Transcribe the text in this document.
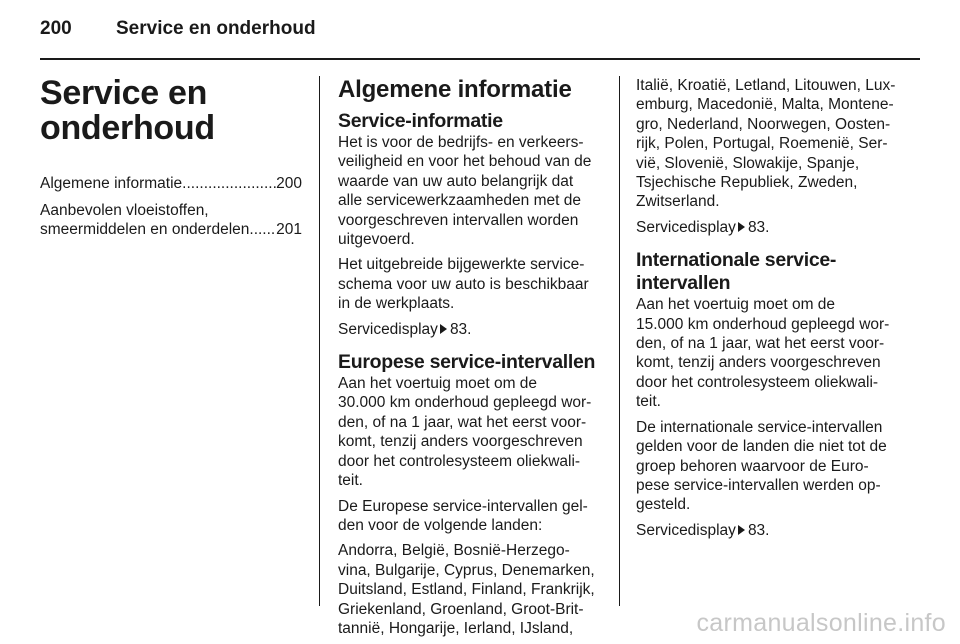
200 Service en onderhoud
Service en
onderhoud
Algemene informatie .....	200
Aanbevolen vloeistoffen,
smeermiddelen en onderdelen ..... 201
Algemene informatie
Service-informatie

Het is voor de bedrijfs- en verkeers-
veiligheid en voor het behoud van de
waarde van uw auto belangrijk dat
alle servicewerkzaamheden met de
voorgeschreven intervallen worden
uitgevoerd.

Het uitgebreide bijgewerkte service-
schema voor uw auto is beschikbaar
in de werkplaats.

Servicedisplay 83.

Europese service-intervallen

Aan het voertuig moet om de
30.000 km onderhoud gepleegd wor-
den, of na 1 jaar, wat het eerst voor-
komt, tenzij anders voorgeschreven
door het controlesysteem oliekwali-
teit.

De Europese service-intervallen gel-
den voor de volgende landen:

Andorra, België, Bosnië-Herzego-
vina, Bulgarije, Cyprus, Denemarken,
Duitsland, Estland, Finland, Frankrijk,
Griekenland, Groenland, Groot-Brit-
tannië, Hongarije, Ierland, IJsland,

Italië, Kroatië, Letland, Litouwen, Lux-
emburg, Macedonië, Malta, Montene-
gro, Nederland, Noorwegen, Oosten-
rijk, Polen, Portugal, Roemenië, Ser-
vië, Slovenië, Slowakije, Spanje,
Tsjechische Republiek, Zweden,
Zwitserland.

Servicedisplay 83.

Internationale service-intervallen

Aan het voertuig moet om de
15.000 km onderhoud gepleegd wor-
den, of na 1 jaar, wat het eerst voor-
komt, tenzij anders voorgeschreven
door het controlesysteem oliekwali-
teit.

De internationale service-intervallen
gelden voor de landen die niet tot de
groep behoren waarvoor de Euro-
pese service-intervallen werden op-
gesteld.

Servicedisplay 83.

carmanualsonline.info
